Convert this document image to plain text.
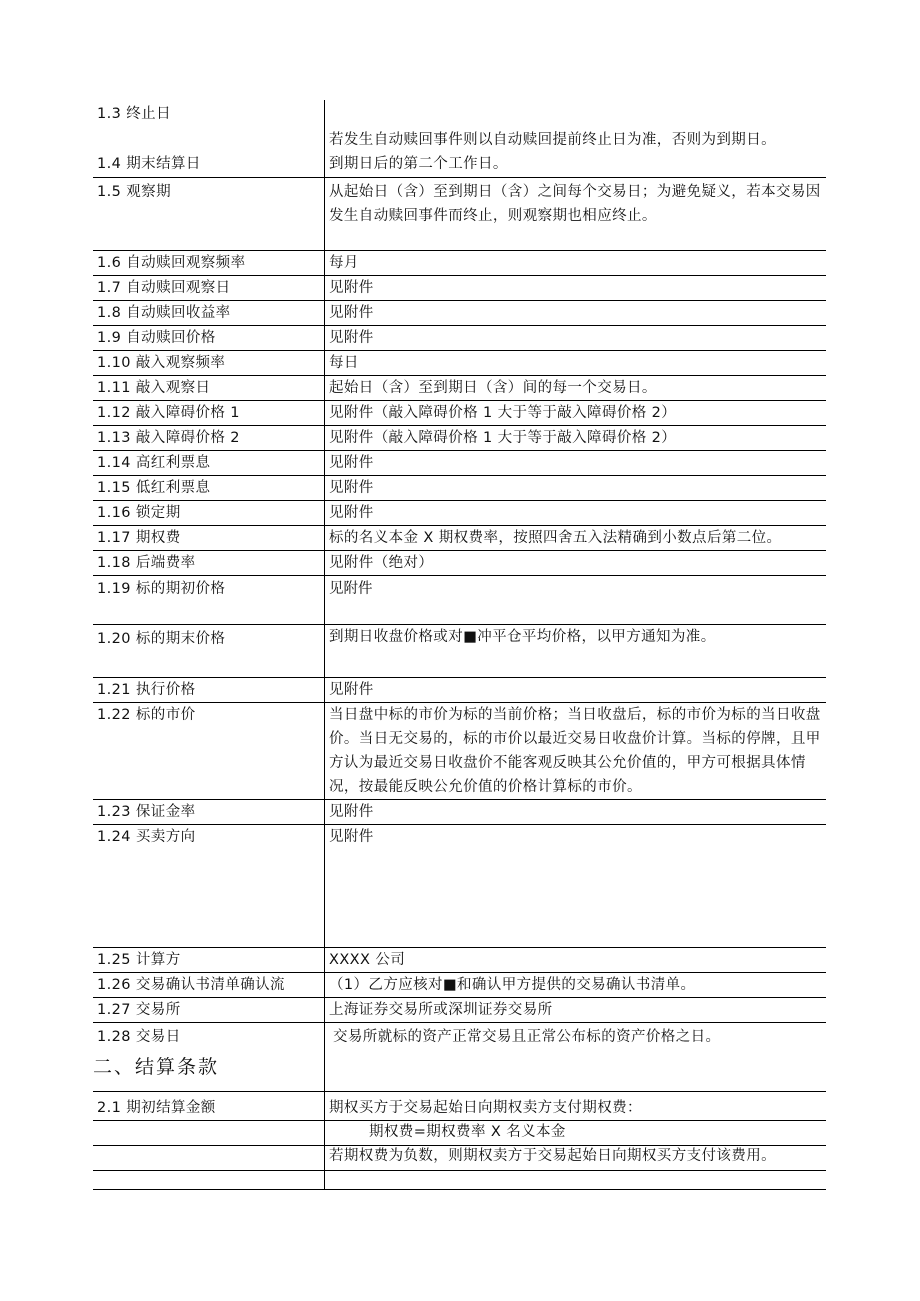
1.3 终止日	若发生自动赎回事件则以自动赎回提前终止日为准，否则为到期日。

1.4 期末结算日	到期日后的第二个工作日。
1.5 观察期	从起始日（含）至到期日（含）之间每个交易日；为避免疑义，若本交易因发生自动赎回事件而终止，则观察期也相应终止。
1.6 自动赎回观察频率	每月
1.7 自动赎回观察日	见附件
1.8 自动赎回收益率	见附件
1.9 自动赎回价格	见附件
1.10 敲入观察频率	每日
1.11 敲入观察日	起始日（含）至到期日（含）间的每一个交易日。
1.12 敲入障碍价格 1	见附件（敲入障碍价格 1 大于等于敲入障碍价格 2）
1.13 敲入障碍价格 2	见附件（敲入障碍价格 1 大于等于敲入障碍价格 2）
1.14 高红利票息	见附件
1.15 低红利票息	见附件
1.16 锁定期	见附件
1.17 期权费	标的名义本金 X 期权费率，按照四舍五入法精确到小数点后第二位。
1.18 后端费率	见附件（绝对）
1.19 标的期初价格	见附件
1.20 标的期末价格	到期日收盘价格或对■冲平仓平均价格，以甲方通知为准。
1.21 执行价格	见附件
1.22 标的市价	当日盘中标的市价为标的当前价格；当日收盘后，标的市价为标的当日收盘价。当日无交易的，标的市价以最近交易日收盘价计算。当标的停牌，且甲方认为最近交易日收盘价不能客观反映其公允价值的，甲方可根据具体情况，按最能反映公允价值的价格计算标的市价。
1.23 保证金率	见附件
1.24 买卖方向	见附件
1.25 计算方	XXXX 公司
1.26 交易确认书清单确认流	（1）乙方应核对■和确认甲方提供的交易确认书清单。
1.27 交易所	上海证券交易所或深圳证券交易所
1.28 交易日	交易所就标的资产正常交易且正常公布标的资产价格之日。

二、结算条款
2.1 期初结算金额	期权买方于交易起始日向期权卖方支付期权费：
期权费=期权费率 X 名义本金
若期权费为负数，则期权卖方于交易起始日向期权买方支付该费用。
